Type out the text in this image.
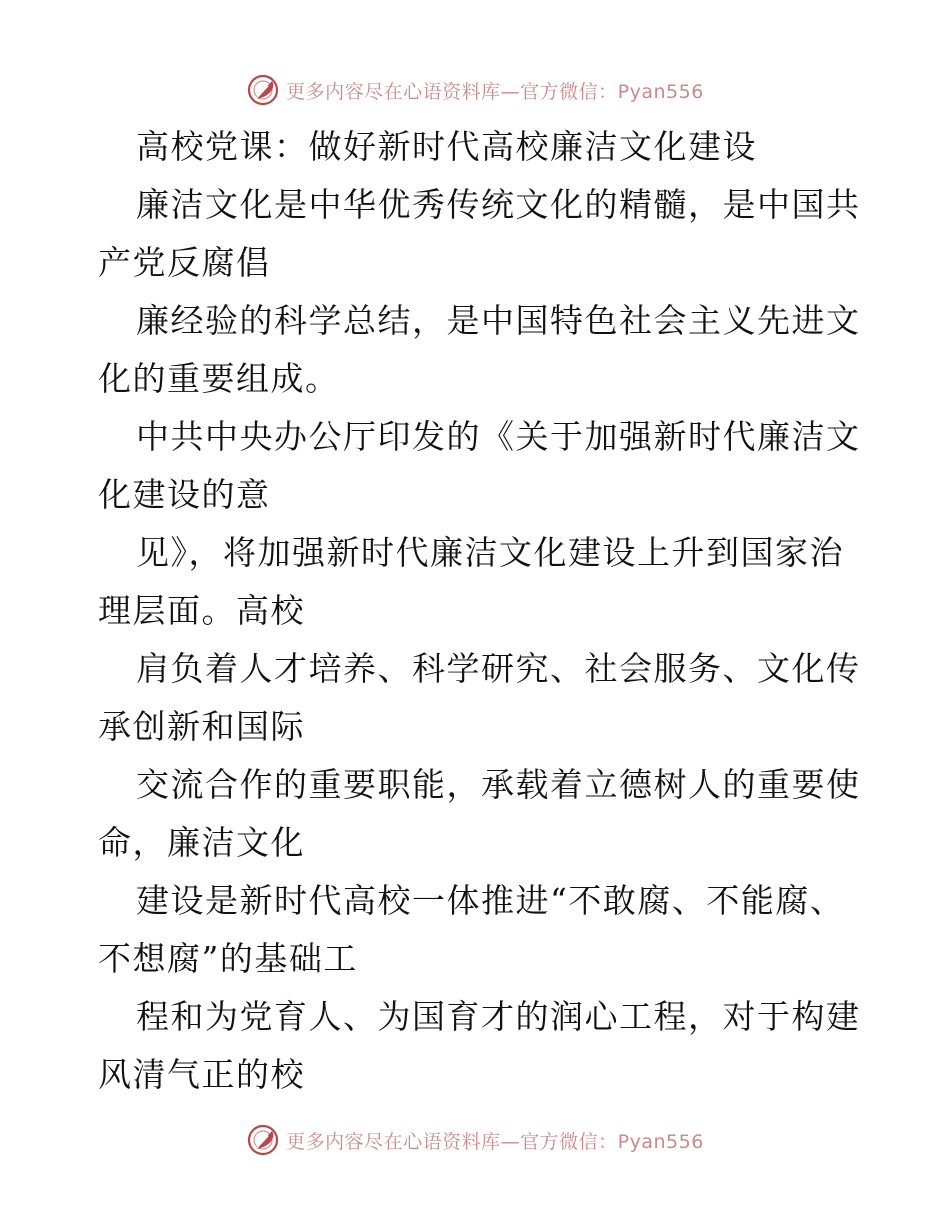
更多内容尽在心语资料库—官方微信：Pyan556
高校党课：做好新时代高校廉洁文化建设
廉洁文化是中华优秀传统文化的精髓，是中国共
产党反腐倡
廉经验的科学总结，是中国特色社会主义先进文
化的重要组成。
中共中央办公厅印发的《关于加强新时代廉洁文
化建设的意
见》，将加强新时代廉洁文化建设上升到国家治
理层面。高校
肩负着人才培养、科学研究、社会服务、文化传
承创新和国际
交流合作的重要职能，承载着立德树人的重要使
命，廉洁文化
建设是新时代高校一体推进“不敢腐、不能腐、
不想腐”的基础工
程和为党育人、为国育才的润心工程，对于构建
风清气正的校
更多内容尽在心语资料库—官方微信：Pyan556
